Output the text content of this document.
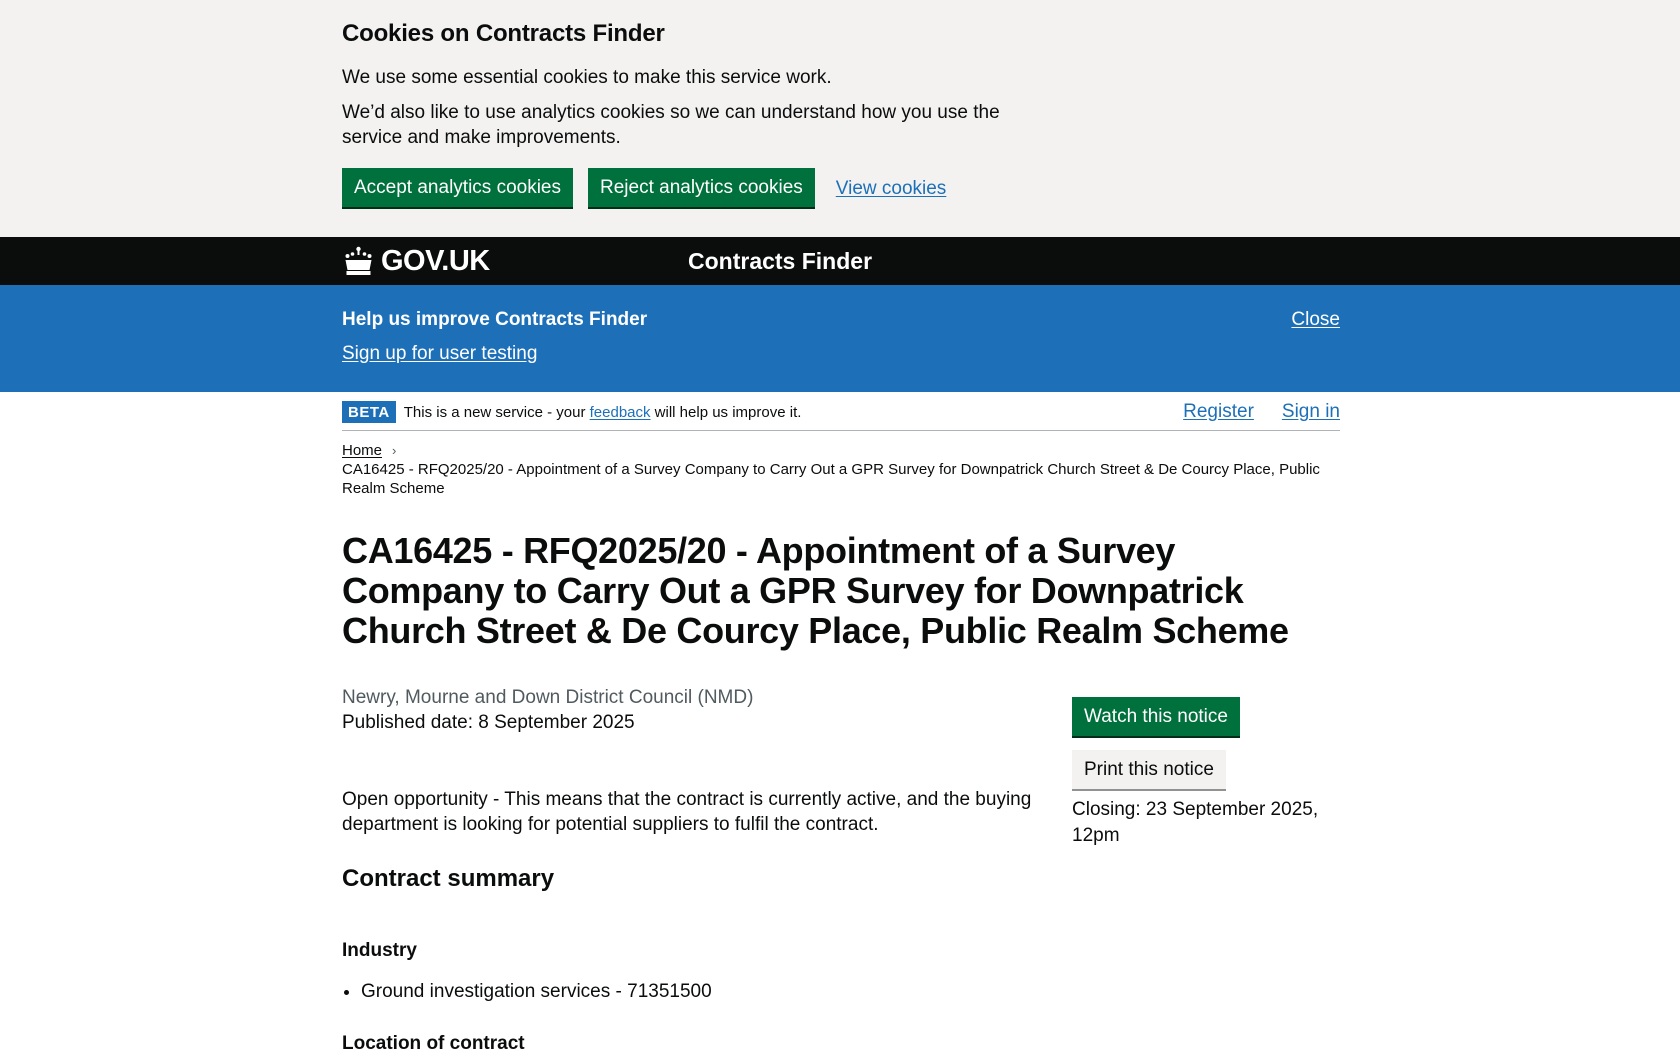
Cookies on Contracts Finder

We use some essential cookies to make this service work.

We’d also like to use analytics cookies so we can understand how you use the service and make improvements.

Accept analytics cookies	Reject analytics cookies	View cookies
GOV.UK	Contracts Finder
Help us improve Contracts Finder
Sign up for user testing
Close
BETA This is a new service - your feedback will help us improve it.	Register Sign in
Home ›
CA16425 - RFQ2025/20 - Appointment of a Survey Company to Carry Out a GPR Survey for Downpatrick Church Street & De Courcy Place, Public Realm Scheme
CA16425 - RFQ2025/20 - Appointment of a Survey Company to Carry Out a GPR Survey for Downpatrick Church Street & De Courcy Place, Public Realm Scheme
Newry, Mourne and Down District Council (NMD)
Published date: 8 September 2025

Open opportunity - This means that the contract is currently active, and the buying department is looking for potential suppliers to fulfil the contract.

Contract summary
Industry
• Ground investigation services - 71351500
Location of contract
Watch this notice
Print this notice

Closing: 23 September 2025, 12pm
